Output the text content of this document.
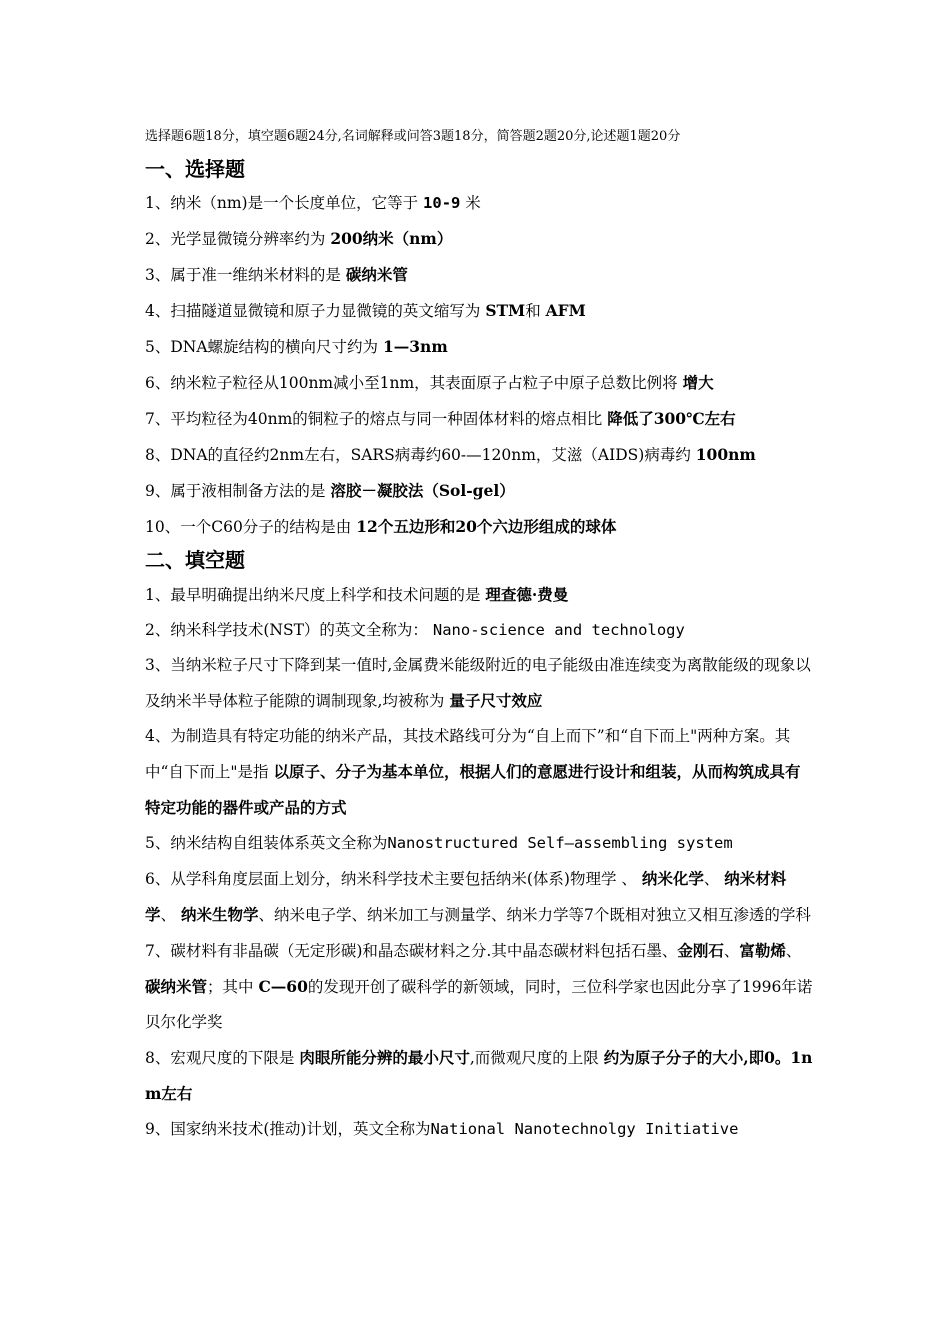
选择题6题18分，填空题6题24分,名词解释或问答3题18分，简答题2题20分,论述题1题20分
一、选择题
1、纳米（nm)是一个长度单位，它等于 10-9 米
2、光学显微镜分辨率约为 200纳米（nm）
3、属于准一维纳米材料的是 碳纳米管
4、扫描隧道显微镜和原子力显微镜的英文缩写为 STM和 AFM
5、DNA螺旋结构的横向尺寸约为 1—3nm
6、纳米粒子粒径从100nm减小至1nm，其表面原子占粒子中原子总数比例将 增大
7、平均粒径为40nm的铜粒子的熔点与同一种固体材料的熔点相比 降低了300℃左右
8、DNA的直径约2nm左右，SARS病毒约60-—120nm，艾滋（AIDS)病毒约 100nm
9、属于液相制备方法的是 溶胶－凝胶法（Sol-gel）
10、一个C60分子的结构是由 12个五边形和20个六边形组成的球体
二、填空题
1、最早明确提出纳米尺度上科学和技术问题的是 理查德·费曼
2、纳米科学技术(NST）的英文全称为： Nano-science and technology
3、当纳米粒子尺寸下降到某一值时,金属费米能级附近的电子能级由准连续变为离散能级的现象以及纳米半导体粒子能隙的调制现象,均被称为 量子尺寸效应
4、为制造具有特定功能的纳米产品，其技术路线可分为“自上而下”和“自下而上"两种方案。其中“自下而上"是指 以原子、分子为基本单位，根据人们的意愿进行设计和组装，从而构筑成具有特定功能的器件或产品的方式
5、纳米结构自组装体系英文全称为Nanostructured Self—assembling system
6、从学科角度层面上划分，纳米科学技术主要包括纳米(体系)物理学 、 纳米化学、 纳米材料学、 纳米生物学、纳米电子学、纳米加工与测量学、纳米力学等7个既相对独立又相互渗透的学科
7、碳材料有非晶碳（无定形碳)和晶态碳材料之分.其中晶态碳材料包括石墨、金刚石、富勒烯、碳纳米管；其中 C—60的发现开创了碳科学的新领域，同时，三位科学家也因此分享了1996年诺贝尔化学奖
8、宏观尺度的下限是 肉眼所能分辨的最小尺寸,而微观尺度的上限 约为原子分子的大小,即0。1nm左右
9、国家纳米技术(推动)计划，英文全称为National Nanotechnolgy Initiative
